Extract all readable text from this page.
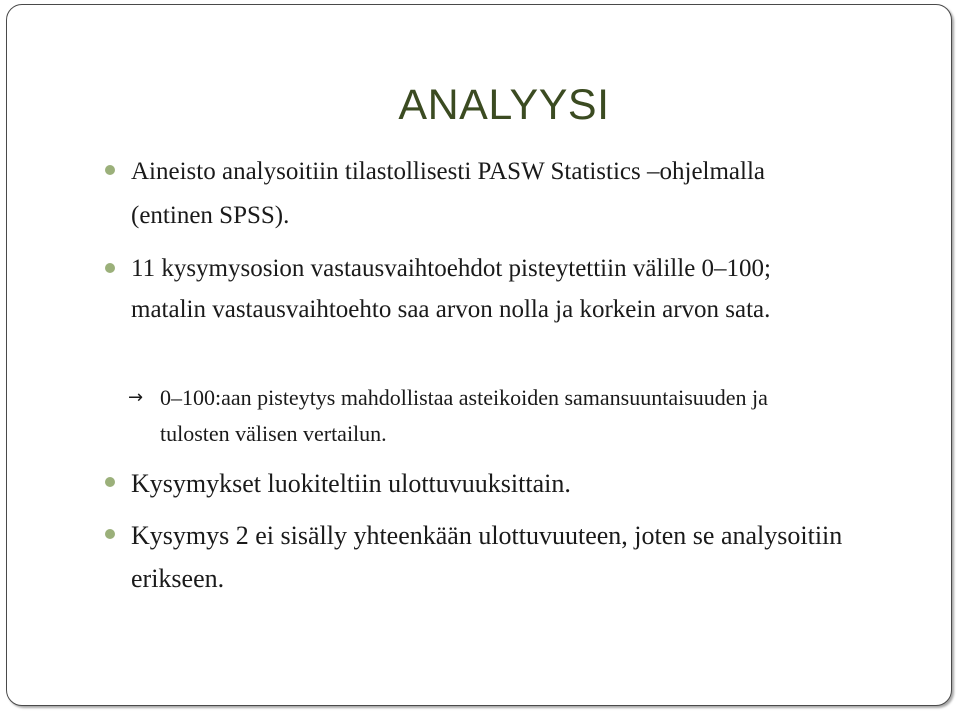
ANALYYSI
Aineisto analysoitiin tilastollisesti PASW Statistics –ohjelmalla (entinen SPSS).
11 kysymysosion vastausvaihtoehdot pisteytettiin välille 0–100; matalin vastausvaihtoehto saa arvon nolla ja korkein arvon sata.
→ 0–100:aan pisteytys mahdollistaa asteikoiden samansuuntaisuuden ja tulosten välisen vertailun.
Kysymykset luokiteltiin ulottuvuuksittain.
Kysymys 2 ei sisälly yhteenkään ulottuvuuteen, joten se analysoitiin erikseen.
